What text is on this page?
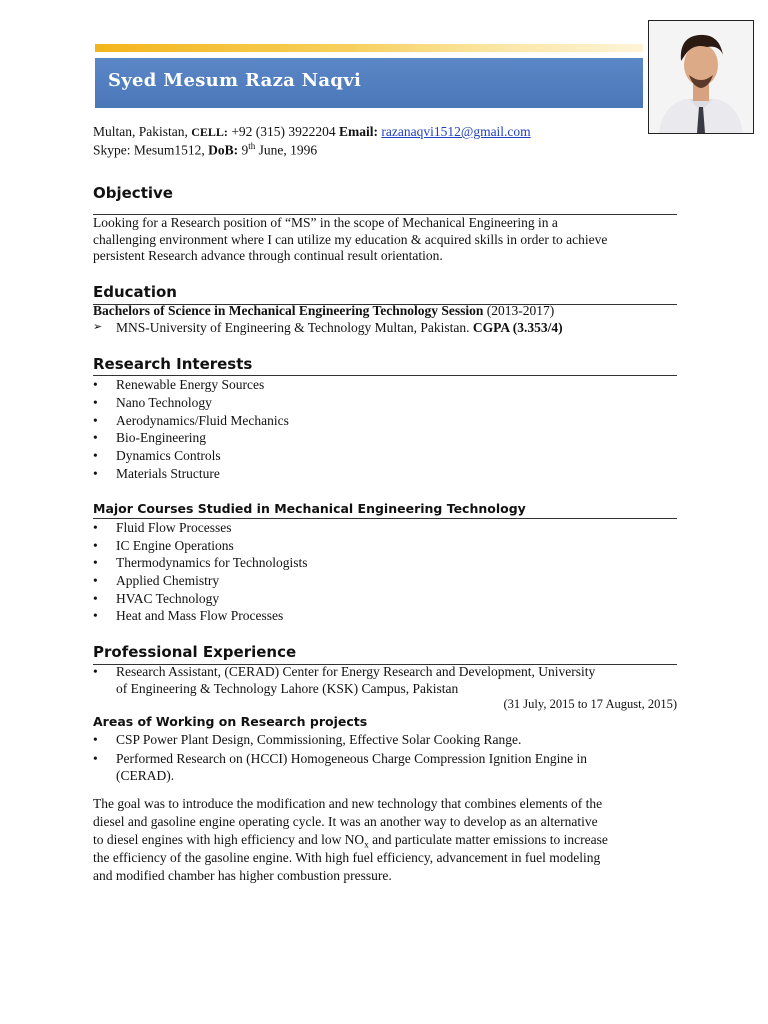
Syed Mesum Raza Naqvi
Multan, Pakistan, CELL: +92 (315) 3922204 Email: razanaqvi1512@gmail.com
Skype: Mesum1512, DoB: 9th June, 1996
Objective
Looking for a Research position of “MS” in the scope of Mechanical Engineering in a
challenging environment where I can utilize my education & acquired skills in order to achieve
persistent Research advance through continual result orientation.
Education
Bachelors of Science in Mechanical Engineering Technology Session (2013-2017)
➢ MNS-University of Engineering & Technology Multan, Pakistan. CGPA (3.353/4)
Research Interests
• Renewable Energy Sources
• Nano Technology
• Aerodynamics/Fluid Mechanics
• Bio-Engineering
• Dynamics Controls
• Materials Structure
Major Courses Studied in Mechanical Engineering Technology
• Fluid Flow Processes
• IC Engine Operations
• Thermodynamics for Technologists
• Applied Chemistry
• HVAC Technology
• Heat and Mass Flow Processes
Professional Experience
• Research Assistant, (CERAD) Center for Energy Research and Development, University
of Engineering & Technology Lahore (KSK) Campus, Pakistan
(31 July, 2015 to 17 August, 2015)
Areas of Working on Research projects
• CSP Power Plant Design, Commissioning, Effective Solar Cooking Range.
• Performed Research on (HCCI) Homogeneous Charge Compression Ignition Engine in
(CERAD).
The goal was to introduce the modification and new technology that combines elements of the
diesel and gasoline engine operating cycle. It was an another way to develop as an alternative
to diesel engines with high efficiency and low $NO_x$ and particulate matter emissions to increase
the efficiency of the gasoline engine. With high fuel efficiency, advancement in fuel modeling
and modified chamber has higher combustion pressure.
